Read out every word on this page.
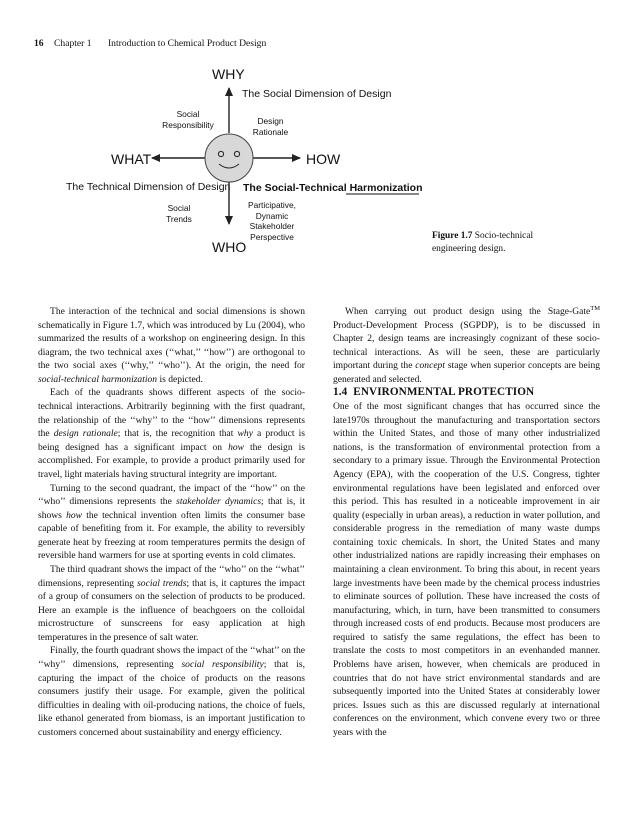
16 Chapter 1 Introduction to Chemical Product Design
WHY
The Social Dimension of Design
Social
Responsibility	Design
Rationale
WHAT	HOW
The Technical Dimension of Design The Social-Technical Harmonization
Social
Trends
Participative,
Dynamic
Stakeholder
Perspective
WHO
Figure 1.7 Socio-technical
engineering design.

The interaction of the technical and social dimensions is shown schematically in Figure 1.7, which was introduced by Lu (2004), who summarized the results of a workshop on engineering design. In this diagram, the two technical axes (‘‘what,’’ ‘‘how’’) are orthogonal to the two social axes (‘‘why,’’ ‘‘who’’). At the origin, the need for social-technical harmonization is depicted.

Each of the quadrants shows different aspects of the socio-technical interactions. Arbitrarily beginning with the first quadrant, the relationship of the ‘‘why’’ to the ‘‘how’’ dimensions represents the design rationale; that is, the recognition that why a product is being designed has a significant impact on how the design is accomplished. For example, to provide a product primarily used for travel, light materials having structural integrity are important.

Turning to the second quadrant, the impact of the ‘‘how’’ on the ‘‘who’’ dimensions represents the stakeholder dynamics; that is, it shows how the technical invention often limits the consumer base capable of benefiting from it. For example, the ability to reversibly generate heat by freezing at room temperatures permits the design of reversible hand warmers for use at sporting events in cold climates.

The third quadrant shows the impact of the ‘‘who’’ on the ‘‘what’’ dimensions, representing social trends; that is, it captures the impact of a group of consumers on the selection of products to be produced. Here an example is the influence of beachgoers on the colloidal microstructure of sunscreens for easy application at high temperatures in the presence of salt water.

Finally, the fourth quadrant shows the impact of the ‘‘what’’ on the ‘‘why’’ dimensions, representing social responsibility; that is, capturing the impact of the choice of products on the reasons consumers justify their usage. For example, given the political difficulties in dealing with oil-producing nations, the choice of fuels, like ethanol generated from biomass, is an important justification to customers concerned about sustainability and energy efficiency.

When carrying out product design using the Stage-Gate™ Product-Development Process (SGPDP), is to be discussed in Chapter 2, design teams are increasingly cognizant of these socio-technical interactions. As will be seen, these are particularly important during the concept stage when superior concepts are being generated and selected.

1.4 ENVIRONMENTAL PROTECTION

One of the most significant changes that has occurred since the late1970s throughout the manufacturing and transportation sectors within the United States, and those of many other industrialized nations, is the transformation of environmental protection from a secondary to a primary issue. Through the Environmental Protection Agency (EPA), with the cooperation of the U.S. Congress, tighter environmental regulations have been legislated and enforced over this period. This has resulted in a noticeable improvement in air quality (especially in urban areas), a reduction in water pollution, and considerable progress in the remediation of many waste dumps containing toxic chemicals. In short, the United States and many other industrialized nations are rapidly increasing their emphases on maintaining a clean environment. To bring this about, in recent years large investments have been made by the chemical process industries to eliminate sources of pollution. These have increased the costs of manufacturing, which, in turn, have been transmitted to consumers through increased costs of end products. Because most producers are required to satisfy the same regulations, the effect has been to translate the costs to most competitors in an evenhanded manner. Problems have arisen, however, when chemicals are produced in countries that do not have strict environmental standards and are subsequently imported into the United States at considerably lower prices. Issues such as this are discussed regularly at international conferences on the environment, which convene every two or three years with the
